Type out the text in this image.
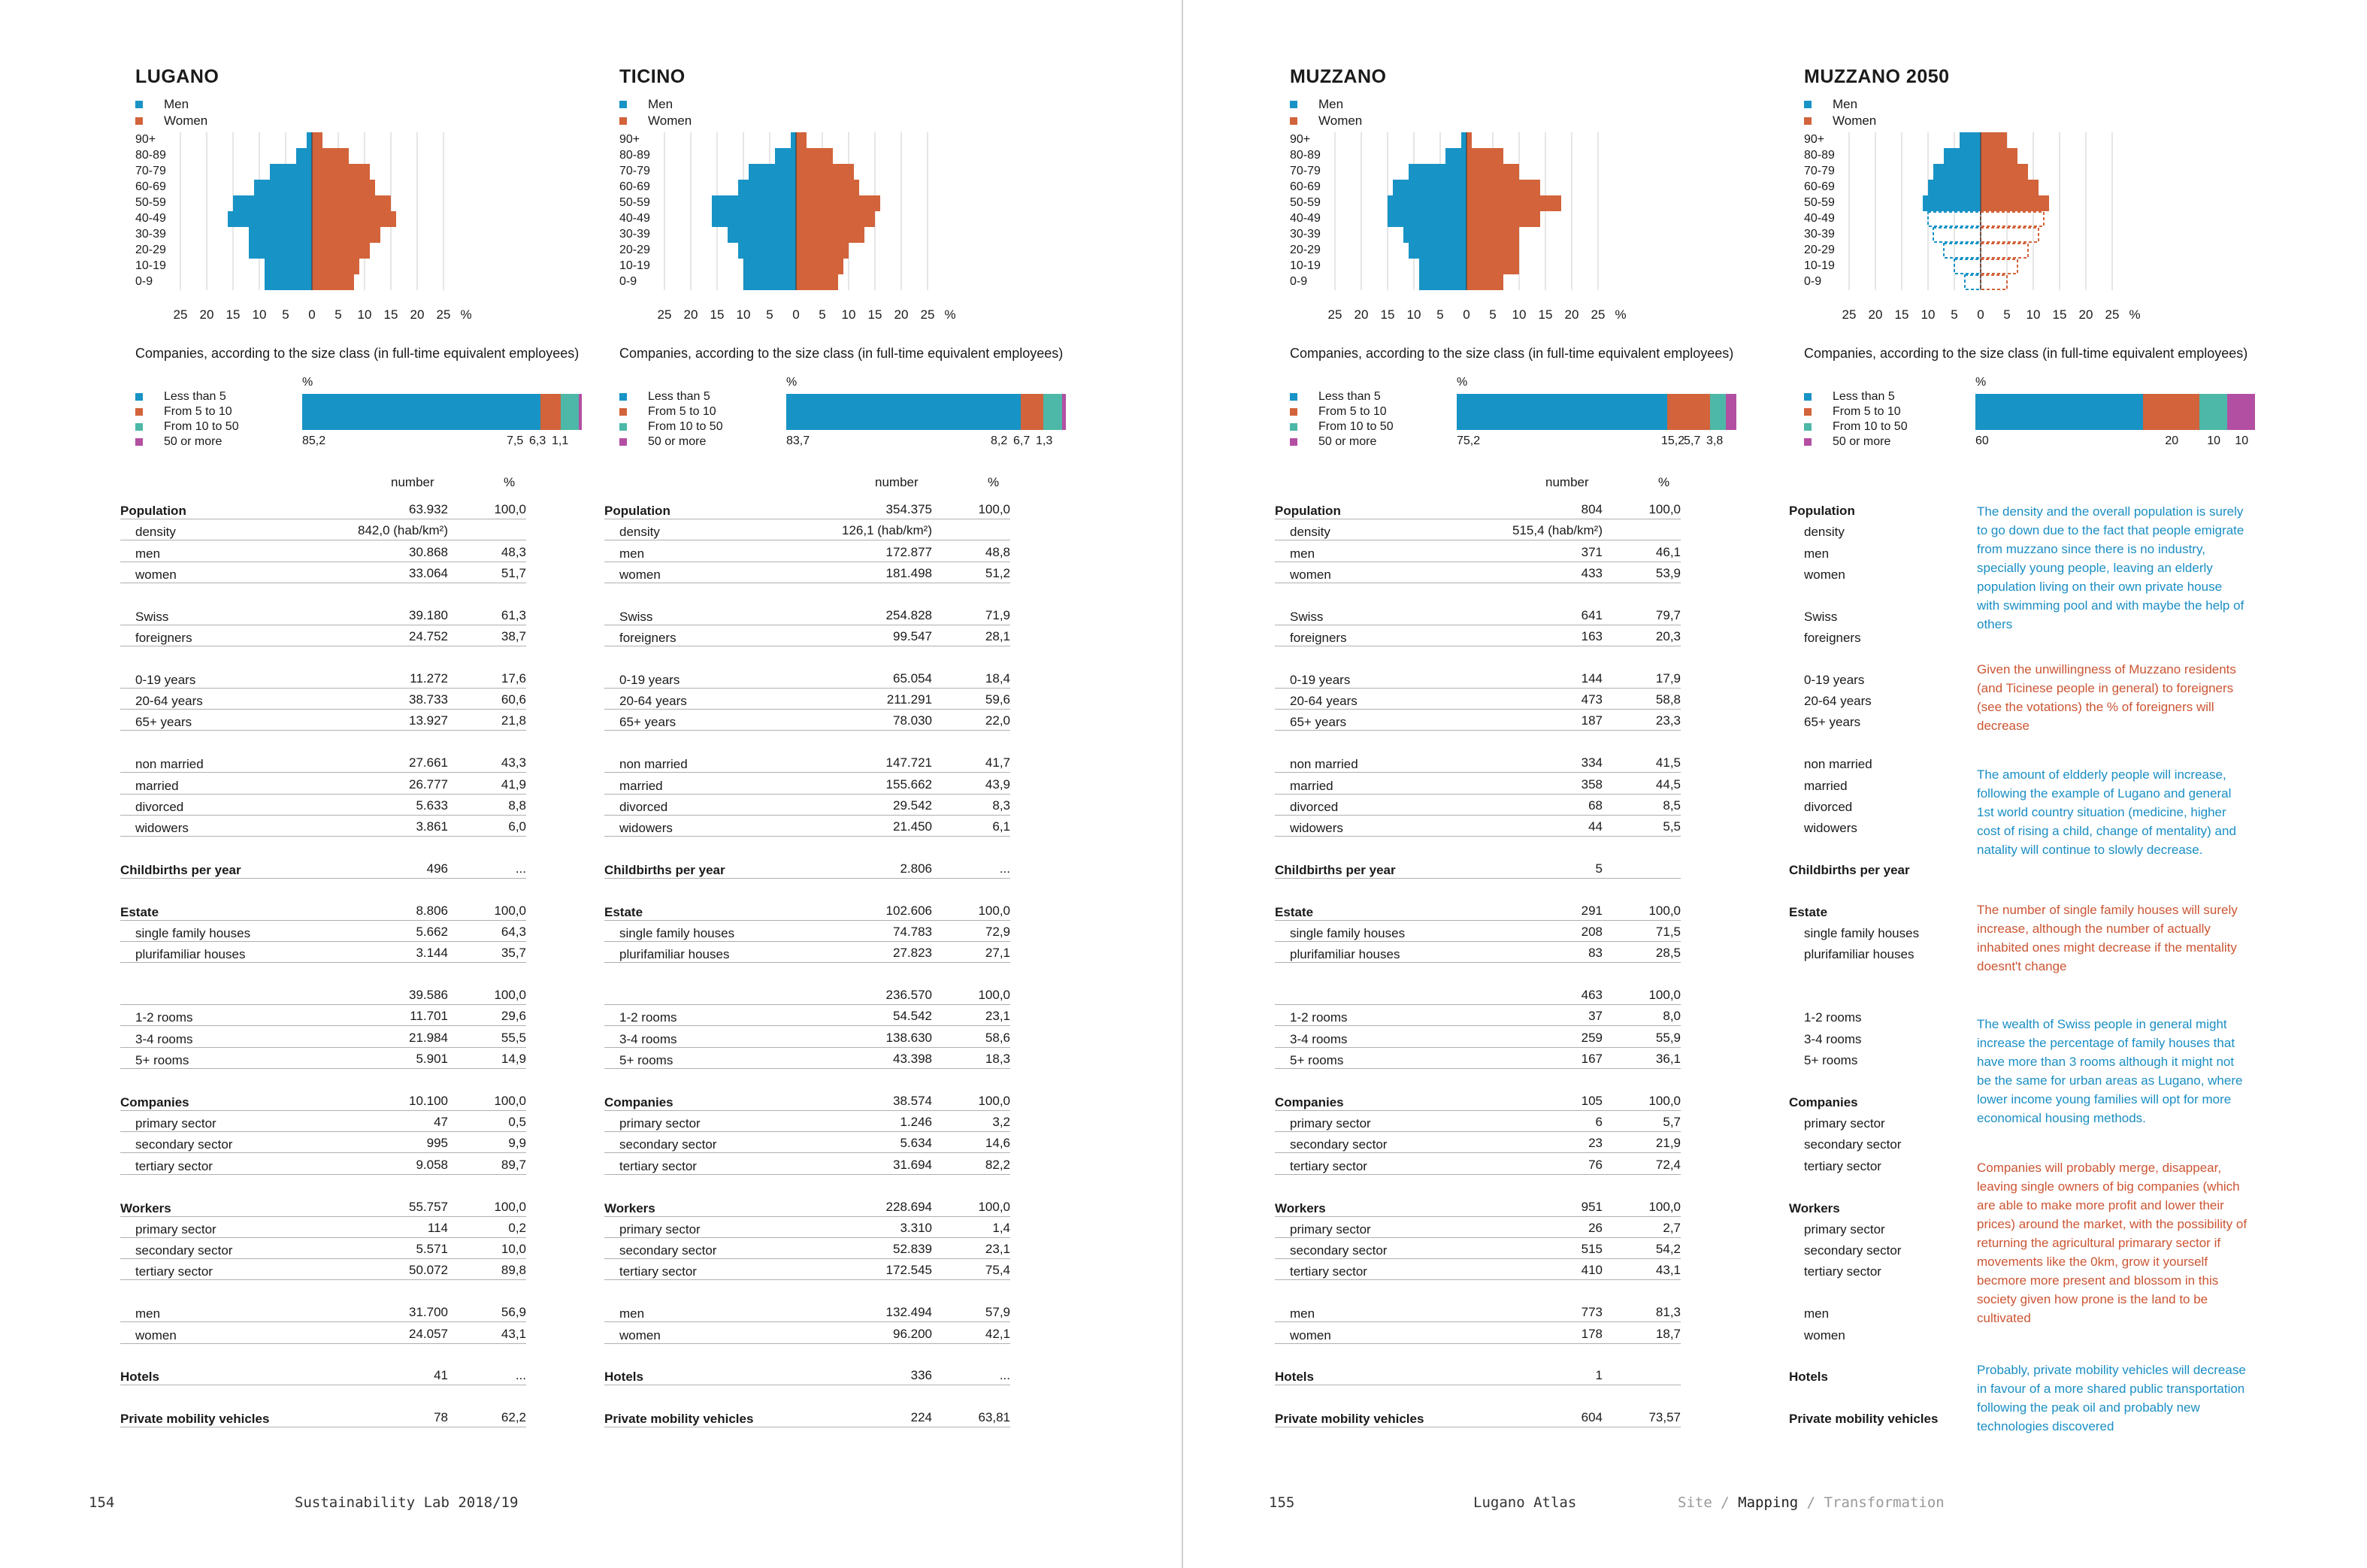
LUGANO
Men
Women
90+
80-89
70-79
60-69
50-59
40-49
30-39
20-29
10-19
0-9
25 20 15 10 5 0 5 10 15 20 25 %
Companies, according to the size class (in full-time equivalent employees)
Less than 5
From 5 to 10
From 10 to 50
50 or more
%
85,2	7,5 6,3 1,1
number	%
Population	63.932	100,0
density	842,0 (hab/km²)
men	30.868	48,3
women	33.064	51,7
Swiss	39.180	61,3
foreigners	24.752	38,7
0-19 years	11.272	17,6
20-64 years	38.733	60,6
65+ years	13.927	21,8
non married	27.661	43,3
married	26.777	41,9
divorced	5.633	8,8
widowers	3.861	6,0
Childbirths per year	496	...
Estate	8.806	100,0
single family houses	5.662	64,3
plurifamiliar houses	3.144	35,7
39.586	100,0
1-2 rooms	11.701	29,6
3-4 rooms	21.984	55,5
5+ rooms	5.901	14,9
Companies	10.100	100,0
primary sector	47	0,5
secondary sector	995	9,9
tertiary sector	9.058	89,7
Workers	55.757	100,0
primary sector	114	0,2
secondary sector	5.571	10,0
tertiary sector	50.072	89,8
men	31.700	56,9
women	24.057	43,1
Hotels	41	...
Private mobility vehicles	78	62,2
TICINO
Men
Women
90+
80-89
70-79
60-69
50-59
40-49
30-39
20-29
10-19
0-9
25 20 15 10 5 0 5 10 15 20 25 %
Companies, according to the size class (in full-time equivalent employees)
Less than 5
From 5 to 10
From 10 to 50
50 or more
%
83,7	8,2 6,7 1,3
number	%
Population	354.375	100,0
density	126,1 (hab/km²)
men	172.877	48,8
women	181.498	51,2
Swiss	254.828	71,9
foreigners	99.547	28,1
0-19 years	65.054	18,4
20-64 years	211.291	59,6
65+ years	78.030	22,0
non married	147.721	41,7
married	155.662	43,9
divorced	29.542	8,3
widowers	21.450	6,1
Childbirths per year	2.806	...
Estate	102.606	100,0
single family houses	74.783	72,9
plurifamiliar houses	27.823	27,1
236.570	100,0
1-2 rooms	54.542	23,1
3-4 rooms	138.630	58,6
5+ rooms	43.398	18,3
Companies	38.574	100,0
primary sector	1.246	3,2
secondary sector	5.634	14,6
tertiary sector	31.694	82,2
Workers	228.694	100,0
primary sector	3.310	1,4
secondary sector	52.839	23,1
tertiary sector	172.545	75,4
men	132.494	57,9
women	96.200	42,1
Hotels	336	...
Private mobility vehicles	224	63,81
MUZZANO
Men
Women
90+
80-89
70-79
60-69
50-59
40-49
30-39
20-29
10-19
0-9
25 20 15 10 5 0 5 10 15 20 25 %
Companies, according to the size class (in full-time equivalent employees)
Less than 5
From 5 to 10
From 10 to 50
50 or more
%
75,2	15,2
5,7 3,8
number	%
Population	804	100,0
density	515,4 (hab/km²)
men	371	46,1
women	433	53,9
Swiss	641	79,7
foreigners	163	20,3
0-19 years	144	17,9
20-64 years	473	58,8
65+ years	187	23,3
non married	334	41,5
married	358	44,5
divorced	68	8,5
widowers	44	5,5
Childbirths per year	5
Estate	291	100,0
single family houses	208	71,5
plurifamiliar houses	83	28,5
463	100,0
1-2 rooms	37	8,0
3-4 rooms	259	55,9
5+ rooms	167	36,1
Companies	105	100,0
primary sector	6	5,7
secondary sector	23	21,9
tertiary sector	76	72,4
Workers	951	100,0
primary sector	26	2,7
secondary sector	515	54,2
tertiary sector	410	43,1
men	773	81,3
women	178	18,7
Hotels	1
Private mobility vehicles	604	73,57
MUZZANO 2050
Men
Women
90+
80-89
70-79
60-69
50-59
40-49
30-39
20-29
10-19
0-9
25 20 15 10 5 0 5 10 15 20 25 %
Companies, according to the size class (in full-time equivalent employees)
Less than 5
From 5 to 10
From 10 to 50
50 or more
%
60	20 10 10
Population
density
men
women
Swiss
foreigners
0-19 years
20-64 years
65+ years
non married
married
divorced
widowers
Childbirths per year
Estate
single family houses
plurifamiliar houses
1-2 rooms
3-4 rooms
5+ rooms
Companies
primary sector
secondary sector
tertiary sector
Workers
primary sector
secondary sector
tertiary sector
men
women
Hotels
Private mobility vehicles
The density and the overall population is surely to go down due to the fact that people emigrate from muzzano since there is no industry, specially young people, leaving an elderly population living on their own private house with swimming pool and with maybe the help of others
Given the unwillingness of Muzzano residents (and Ticinese people in general) to foreigners (see the votations) the % of foreigners will decrease
The amount of eldderly people will increase, following the example of Lugano and general 1st world country situation (medicine, higher cost of rising a child, change of mentality) and natality will continue to slowly decrease.
The number of single family houses will surely increase, although the number of actually inhabited ones might decrease if the mentality doesnt't change
The wealth of Swiss people in general might increase the percentage of family houses that have more than 3 rooms although it might not be the same for urban areas as Lugano, where lower income young families will opt for more economical housing methods.
Companies will probably merge, disappear, leaving single owners of big companies (which are able to make more profit and lower their prices) around the market, with the possibility of returning the agricultural primarary sector if movements like the 0km, grow it yourself becmore more present and blossom in this society given how prone is the land to be cultivated
Probably, private mobility vehicles will decrease in favour of a more shared public transportation following the peak oil and probably new technologies discovered
154	Sustainability Lab 2018/19	155	Lugano Atlas	Site / Mapping / Transformation
